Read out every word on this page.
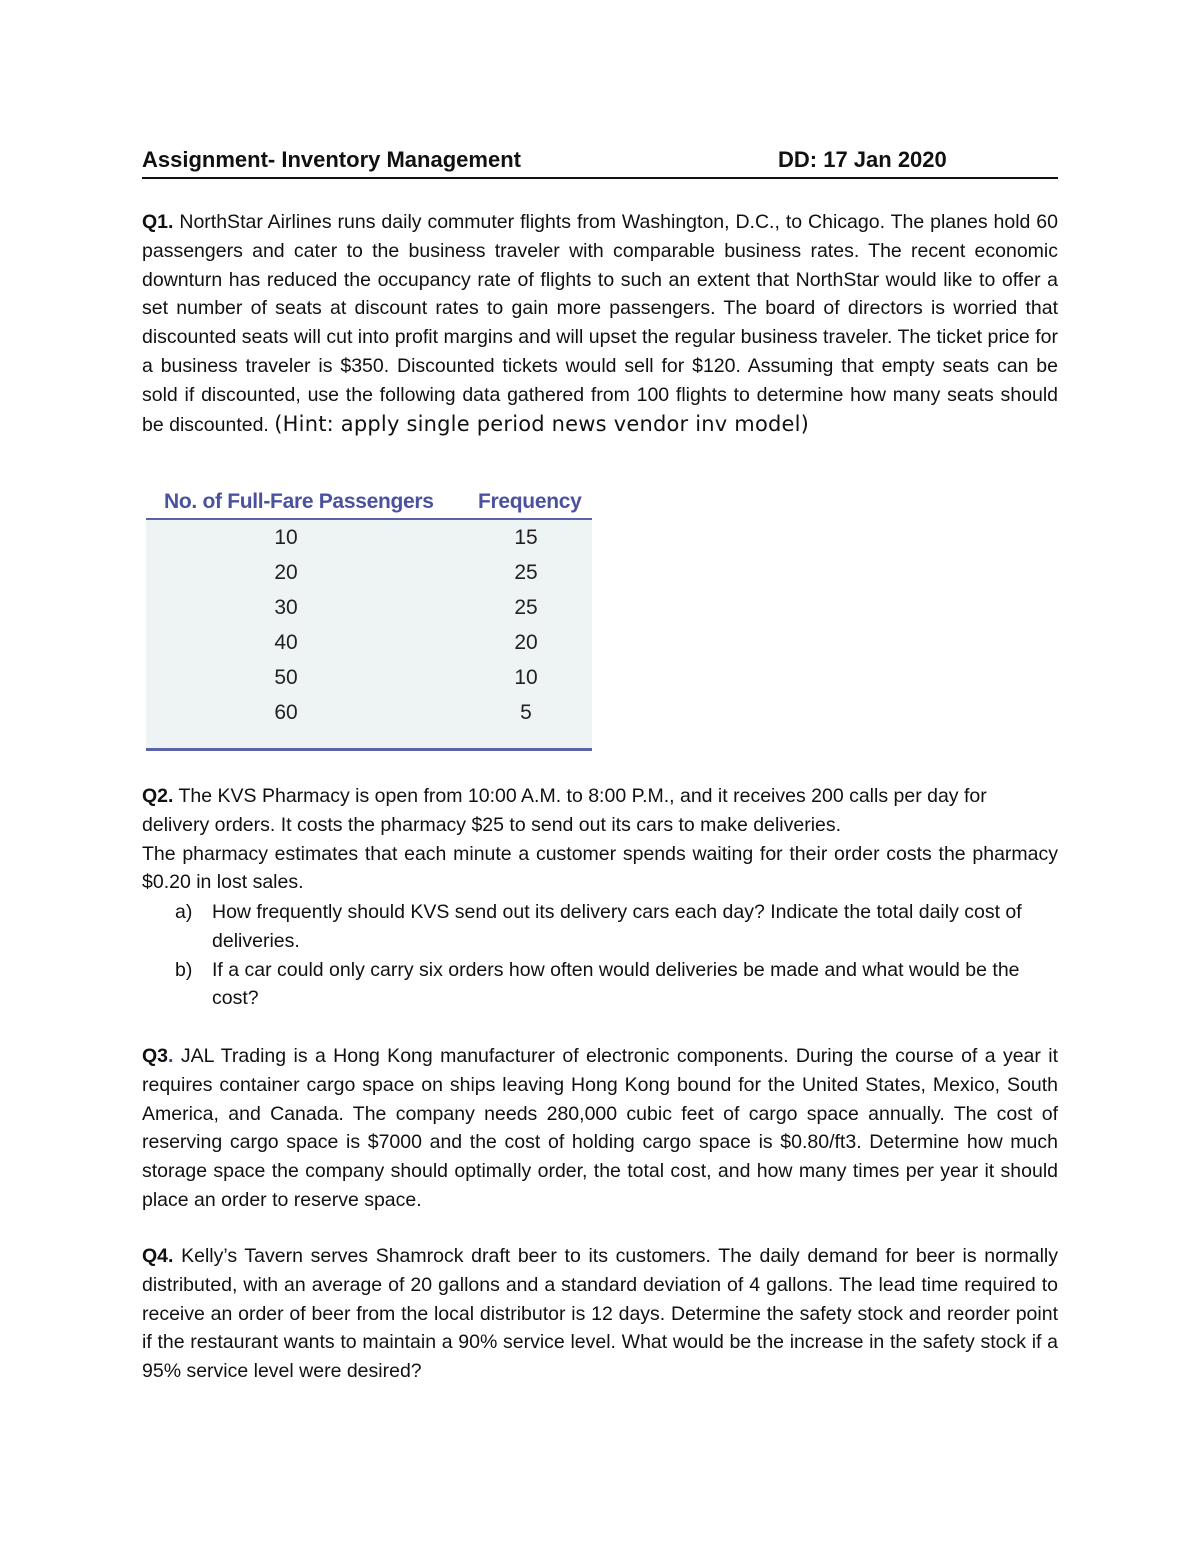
Assignment- Inventory Management	DD: 17 Jan 2020
Q1. NorthStar Airlines runs daily commuter flights from Washington, D.C., to Chicago. The planes hold 60 passengers and cater to the business traveler with comparable business rates. The recent economic downturn has reduced the occupancy rate of flights to such an extent that NorthStar would like to offer a set number of seats at discount rates to gain more passengers. The board of directors is worried that discounted seats will cut into profit margins and will upset the regular business traveler. The ticket price for a business traveler is $350. Discounted tickets would sell for $120. Assuming that empty seats can be sold if discounted, use the following data gathered from 100 flights to determine how many seats should be discounted. (Hint: apply single period news vendor inv model)
No. of Full-Fare Passengers Frequency
10	15
20	25
30	25
40	20
50	10
60	5
Q2. The KVS Pharmacy is open from 10:00 A.M. to 8:00 P.M., and it receives 200 calls per day for delivery orders. It costs the pharmacy $25 to send out its cars to make deliveries.
The pharmacy estimates that each minute a customer spends waiting for their order costs the pharmacy $0.20 in lost sales.
a) How frequently should KVS send out its delivery cars each day? Indicate the total daily cost of deliveries.
b) If a car could only carry six orders how often would deliveries be made and what would be the cost?
Q3. JAL Trading is a Hong Kong manufacturer of electronic components. During the course of a year it requires container cargo space on ships leaving Hong Kong bound for the United States, Mexico, South America, and Canada. The company needs 280,000 cubic feet of cargo space annually. The cost of reserving cargo space is $7000 and the cost of holding cargo space is $0.80/ft3. Determine how much storage space the company should optimally order, the total cost, and how many times per year it should place an order to reserve space.
Q4. Kelly’s Tavern serves Shamrock draft beer to its customers. The daily demand for beer is normally distributed, with an average of 20 gallons and a standard deviation of 4 gallons. The lead time required to receive an order of beer from the local distributor is 12 days. Determine the safety stock and reorder point if the restaurant wants to maintain a 90% service level. What would be the increase in the safety stock if a 95% service level were desired?
